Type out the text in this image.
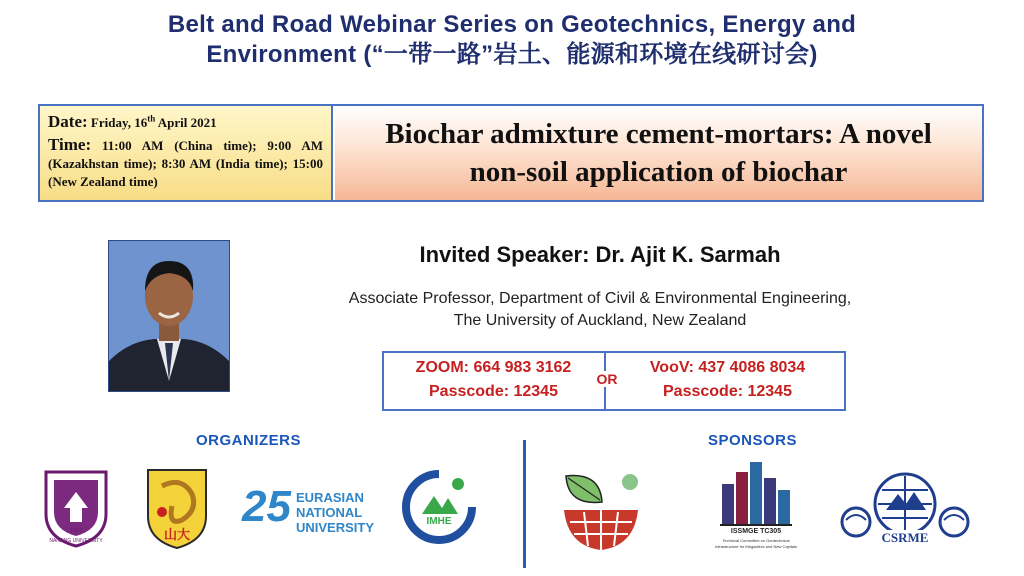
Belt and Road Webinar Series on Geotechnics, Energy and
Environment (“一带一路”岩土、能源和环境在线研讨会)
Date: Friday, 16th April 2021
Time: 11:00 AM (China time); 9:00 AM (Kazakhstan time); 8:30 AM (India time); 15:00 (New Zealand time)
Biochar admixture cement-mortars: A novel
non-soil application of biochar
Invited Speaker: Dr. Ajit K. Sarmah
Associate Professor, Department of Civil & Environmental Engineering,
The University of Auckland, New Zealand
ZOOM: 664 983 3162
Passcode: 12345
OR
VooV: 437 4086 8034
Passcode: 12345
ORGANIZERS	SPONSORS
1902
NANJING UNIVERSITY	山大
25 EURASIAN
NATIONAL
UNIVERSITY	IMHE
ISSMGE TC305
Technical Committee on Geotechnical
Infrastructure for Megacities and New Capitals
CSRME
